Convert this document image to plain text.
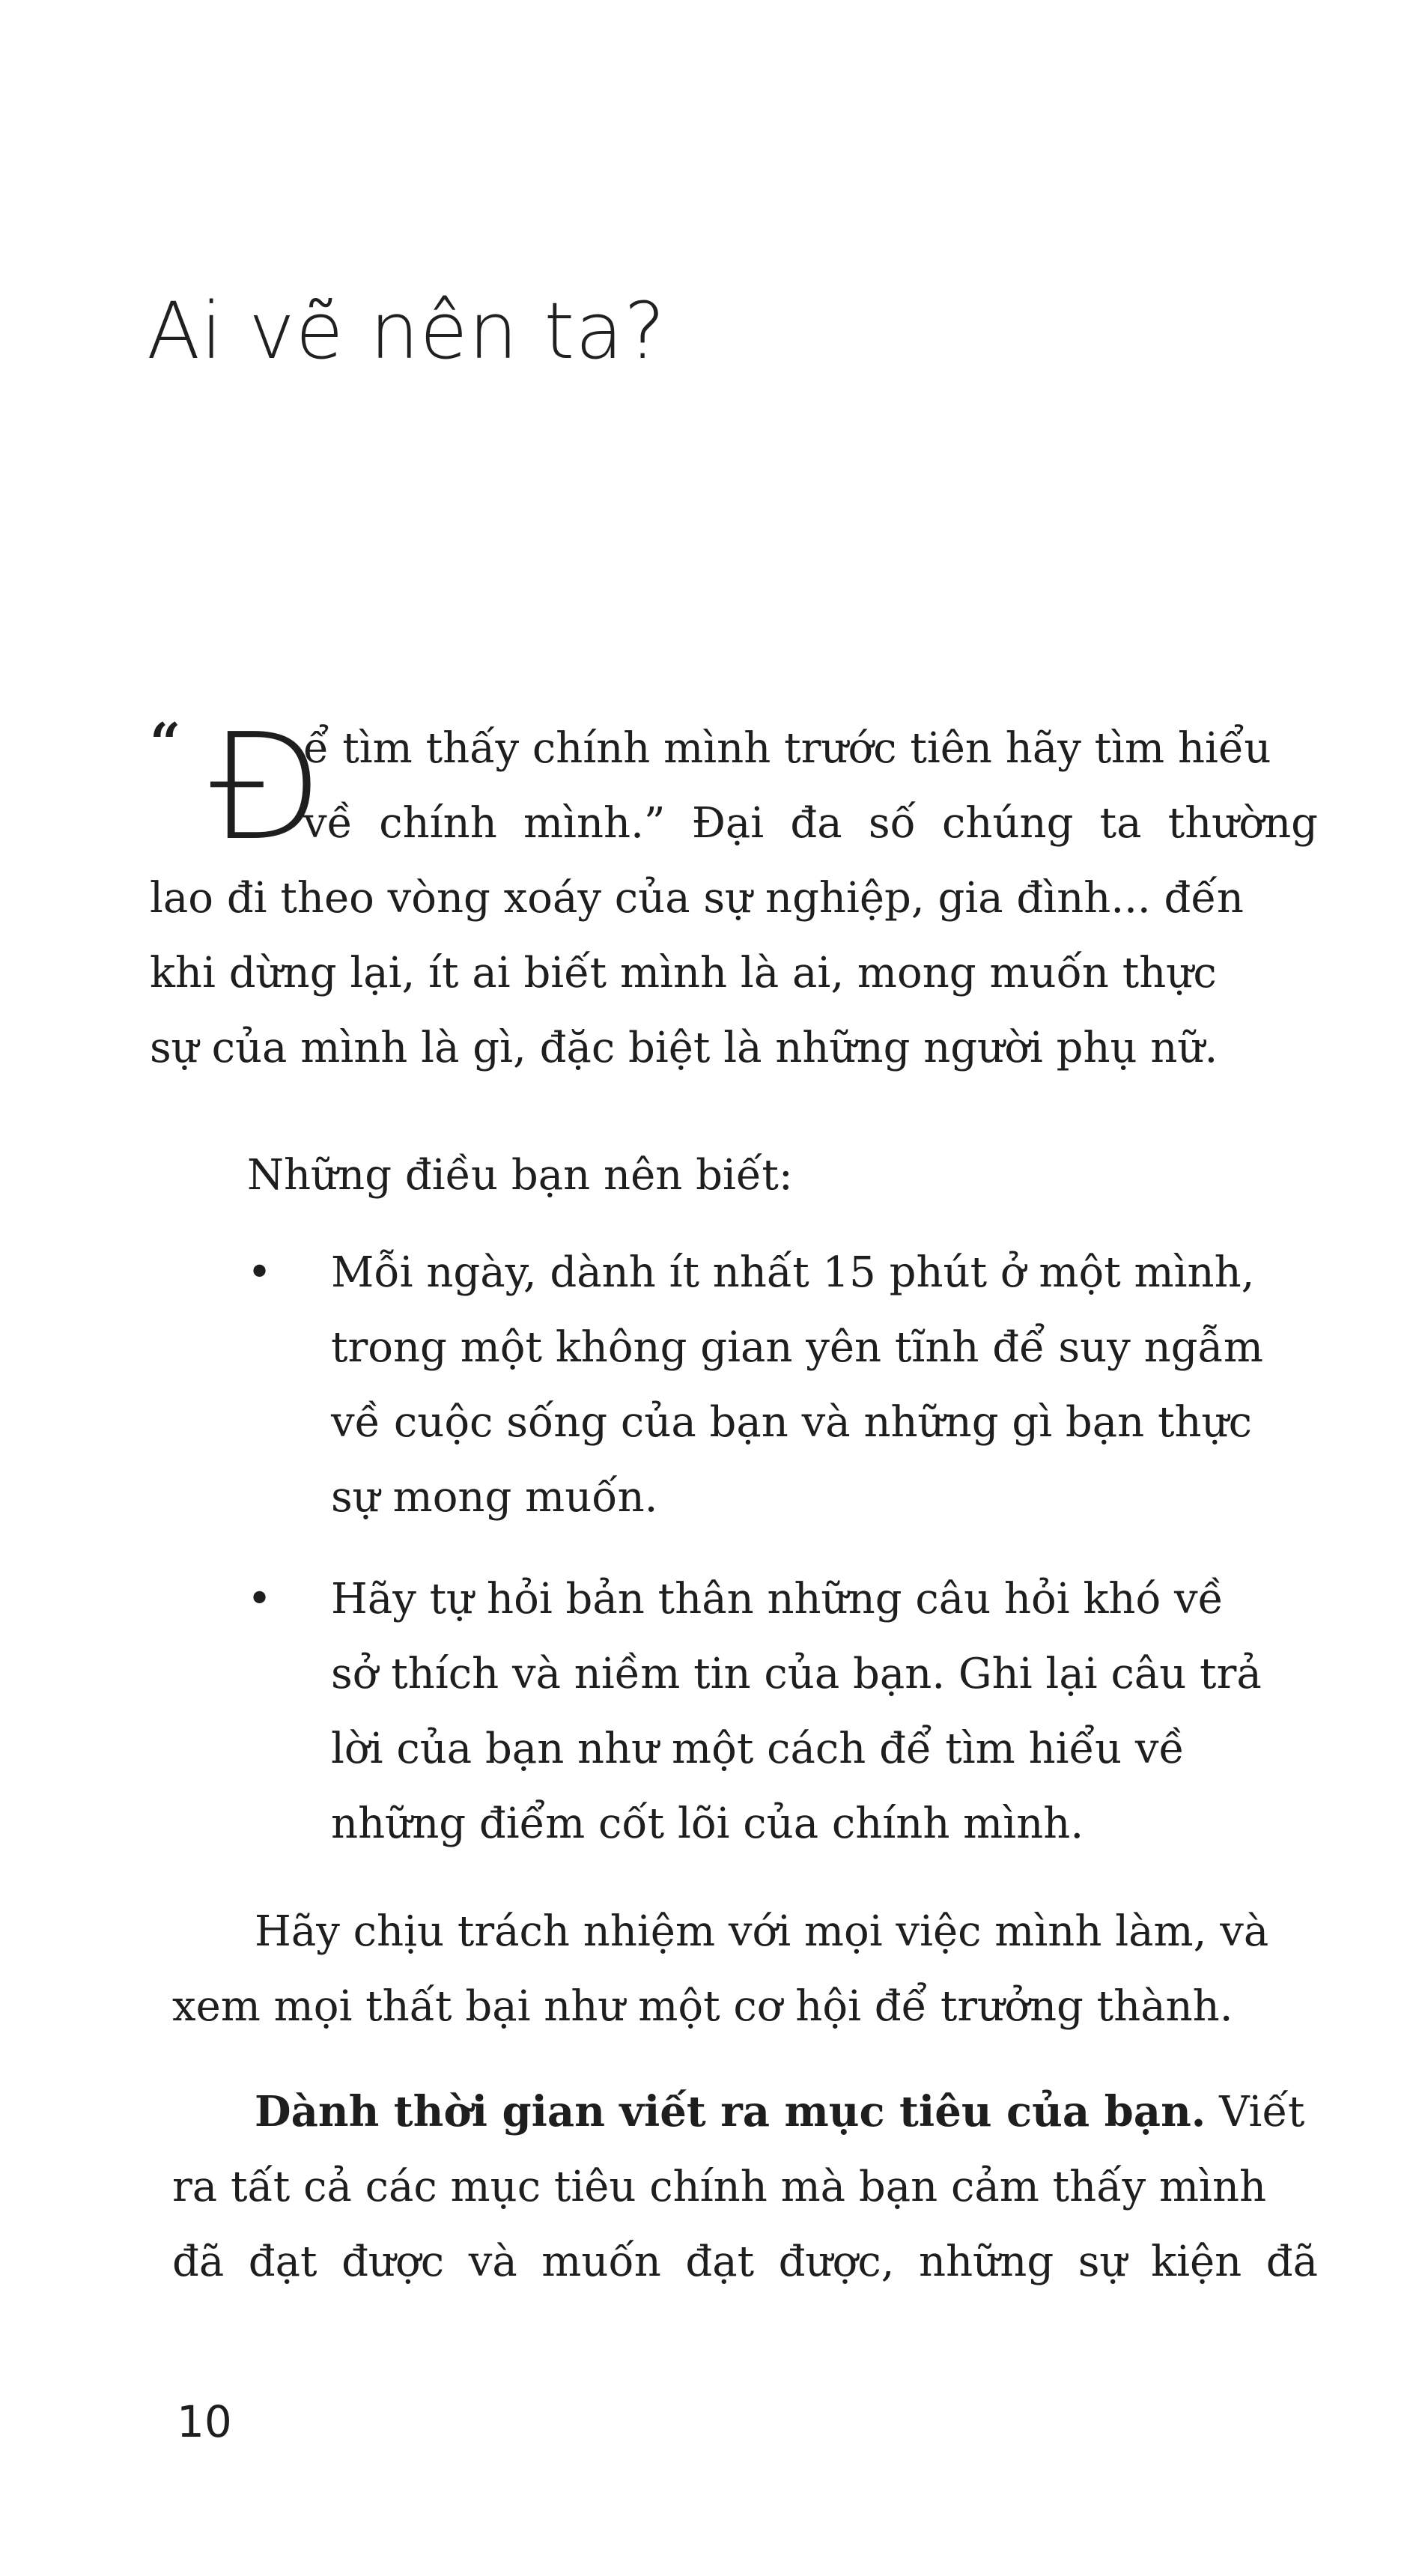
Ai vẽ nên ta?
“ Đ
ể tìm thấy chính mình trước tiên hãy tìm hiểu
về chính mình.” Đại đa số chúng ta thường
lao đi theo vòng xoáy của sự nghiệp, gia đình... đến
khi dừng lại, ít ai biết mình là ai, mong muốn thực
sự của mình là gì, đặc biệt là những người phụ nữ.

Những điều bạn nên biết:

• Mỗi ngày, dành ít nhất 15 phút ở một mình,
trong một không gian yên tĩnh để suy ngẫm
về cuộc sống của bạn và những gì bạn thực
sự mong muốn.
• Hãy tự hỏi bản thân những câu hỏi khó về
sở thích và niềm tin của bạn. Ghi lại câu trả
lời của bạn như một cách để tìm hiểu về
những điểm cốt lõi của chính mình.
Hãy chịu trách nhiệm với mọi việc mình làm, và
xem mọi thất bại như một cơ hội để trưởng thành.
Dành thời gian viết ra mục tiêu của bạn. Viết
ra tất cả các mục tiêu chính mà bạn cảm thấy mình
đã đạt được và muốn đạt được, những sự kiện đã

10
